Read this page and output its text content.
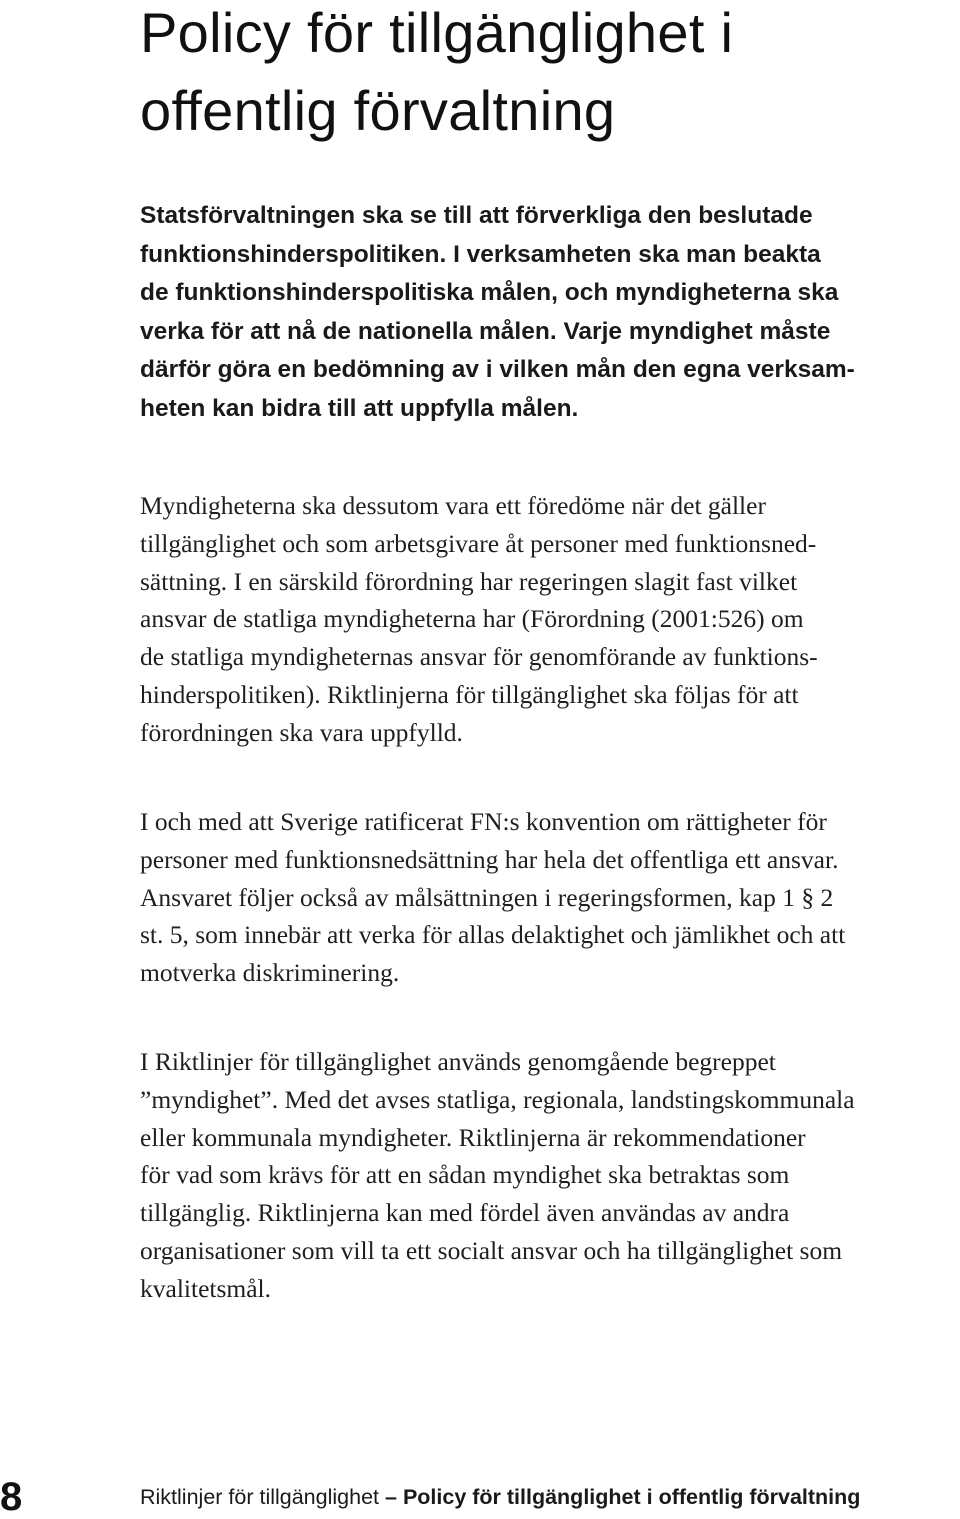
Policy för tillgänglighet i
offentlig förvaltning

Statsförvaltningen ska se till att förverkliga den beslutade
funktionshinderspolitiken. I verksamheten ska man beakta
de funktionshinderspolitiska målen, och myndigheterna ska
verka för att nå de nationella målen. Varje myndighet måste
därför göra en bedömning av i vilken mån den egna verksam-
heten kan bidra till att uppfylla målen.

Myndigheterna ska dessutom vara ett föredöme när det gäller
tillgänglighet och som arbetsgivare åt personer med funktionsned-
sättning. I en särskild förordning har regeringen slagit fast vilket
ansvar de statliga myndigheterna har (Förordning (2001:526) om
de statliga myndigheternas ansvar för genomförande av funktions-
hinderspolitiken). Riktlinjerna för tillgänglighet ska följas för att
förordningen ska vara uppfylld.

I och med att Sverige ratificerat FN:s konvention om rättigheter för
personer med funktionsnedsättning har hela det offentliga ett ansvar.
Ansvaret följer också av målsättningen i regeringsformen, kap 1 § 2
st. 5, som innebär att verka för allas delaktighet och jämlikhet och att
motverka diskriminering.

I Riktlinjer för tillgänglighet används genomgående begreppet
”myndighet”. Med det avses statliga, regionala, landstingskommunala
eller kommunala myndigheter. Riktlinjerna är rekommendationer
för vad som krävs för att en sådan myndighet ska betraktas som
tillgänglig. Riktlinjerna kan med fördel även användas av andra
organisationer som vill ta ett socialt ansvar och ha tillgänglighet som
kvalitetsmål.

8	Riktlinjer för tillgänglighet – Policy för tillgänglighet i offentlig förvaltning
